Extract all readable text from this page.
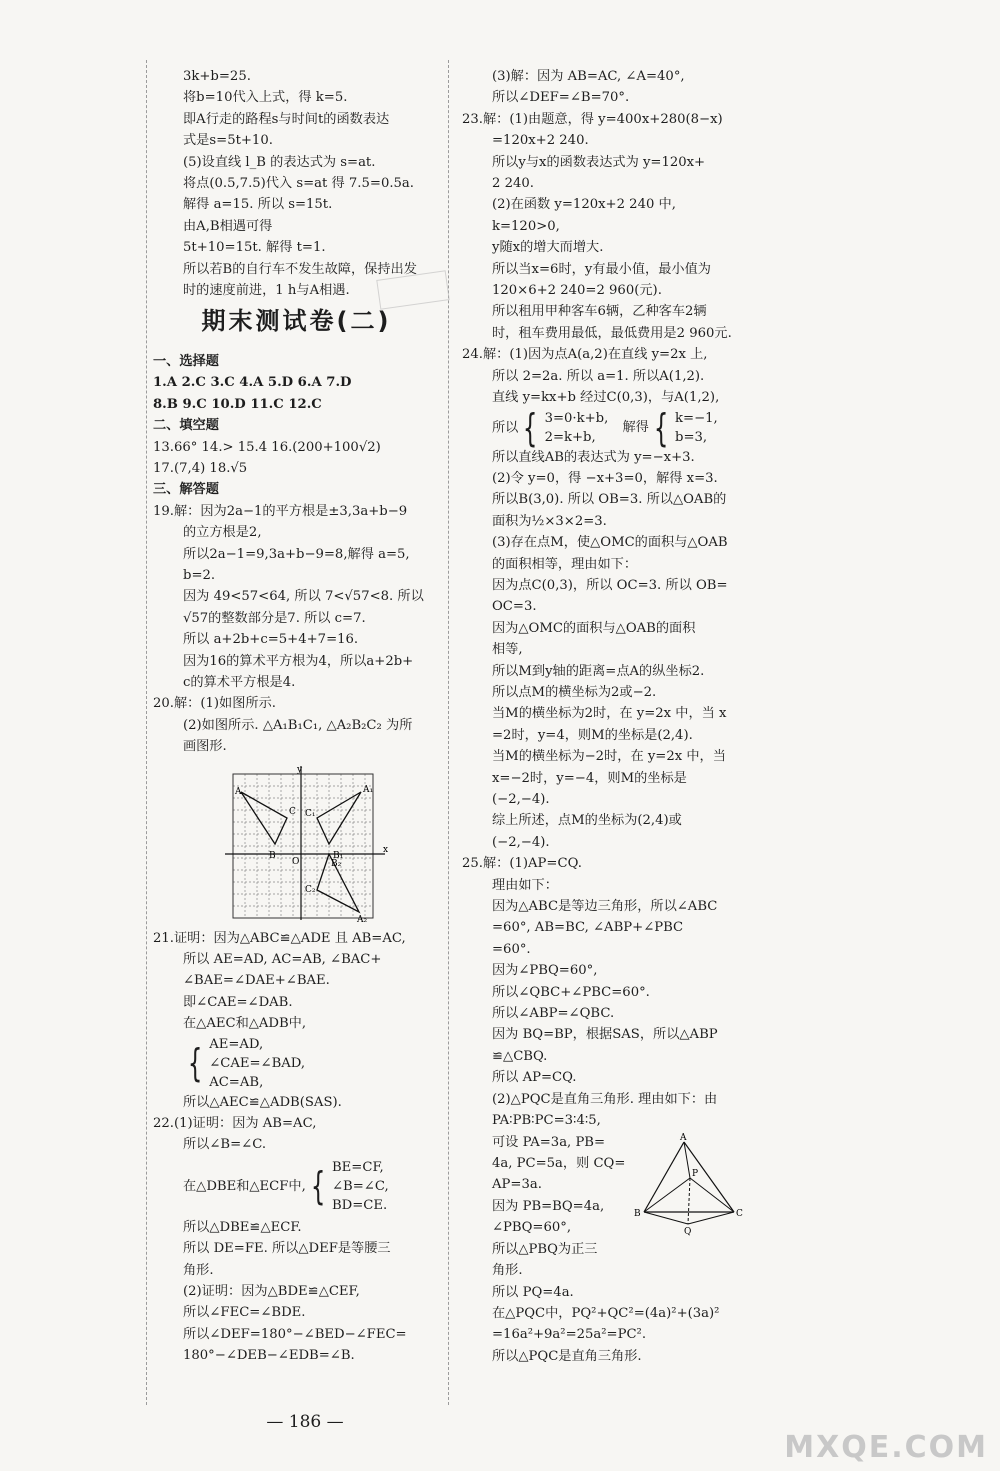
3k+b=25.
将b=10代入上式，得 k=5.
即A行走的路程s与时间t的函数表达
式是s=5t+10.
(5)设直线 l_B 的表达式为 s=at.
将点(0.5,7.5)代入 s=at 得 7.5=0.5a.
解得 a=15. 所以 s=15t.
由A,B相遇可得
5t+10=15t. 解得 t=1.
所以若B的自行车不发生故障，保持出发
时的速度前进，1 h与A相遇.
期末测试卷(二)
一、选择题
1.A 2.C 3.C 4.A 5.D 6.A 7.D
8.B 9.C 10.D 11.C 12.C
二、填空题
13.66° 14.> 15.4 16.(200+100√2)
17.(7,4) 18.√5
三、解答题
19.解：因为2a−1的平方根是±3,3a+b−9
的立方根是2,
所以2a−1=9,3a+b−9=8,解得 a=5,
b=2.
因为 49<57<64, 所以 7<√57<8. 所以
√57的整数部分是7. 所以 c=7.
所以 a+2b+c=5+4+7=16.
因为16的算术平方根为4，所以a+2b+
c的算术平方根是4.
20.解：(1)如图所示.
(2)如图所示. △A₁B₁C₁, △A₂B₂C₂ 为所
画图形.
y
x
O
A	A₁
A₂
B	B₁
B₂
C C₁
C₂
21.证明：因为△ABC≌△ADE 且 AB=AC,
所以 AE=AD, AC=AB, ∠BAC+
∠BAE=∠DAE+∠BAE.
即∠CAE=∠DAB.
在△AEC和△ADB中,
{ AE=AD,
∠CAE=∠BAD,
AC=AB,
所以△AEC≌△ADB(SAS).
22.(1)证明：因为 AB=AC,
所以∠B=∠C.
在△DBE和△ECF中, { BE=CF,
∠B=∠C,
BD=CE.
所以△DBE≌△ECF.
所以 DE=FE. 所以△DEF是等腰三
角形.
(2)证明：因为△BDE≌△CEF,
所以∠FEC=∠BDE.
所以∠DEF=180°−∠BED−∠FEC=
180°−∠DEB−∠EDB=∠B.
(3)解：因为 AB=AC, ∠A=40°,
所以∠DEF=∠B=70°.
23.解：(1)由题意，得 y=400x+280(8−x)
=120x+2 240.
所以y与x的函数表达式为 y=120x+
2 240.
(2)在函数 y=120x+2 240 中,
k=120>0,
y随x的增大而增大.
所以当x=6时，y有最小值，最小值为
120×6+2 240=2 960(元).
所以租用甲种客车6辆，乙种客车2辆
时，租车费用最低，最低费用是2 960元.
24.解：(1)因为点A(a,2)在直线 y=2x 上,
所以 2=2a. 所以 a=1. 所以A(1,2).
直线 y=kx+b 经过C(0,3)，与A(1,2),
所以 { 3=0·k+b,
2=k+b,
解得 { k=−1,
b=3,
所以直线AB的表达式为 y=−x+3.
(2)令 y=0，得 −x+3=0，解得 x=3.
所以B(3,0). 所以 OB=3. 所以△OAB的
面积为½×3×2=3.
(3)存在点M，使△OMC的面积与△OAB
的面积相等，理由如下：
因为点C(0,3)，所以 OC=3. 所以 OB=
OC=3.
因为△OMC的面积与△OAB的面积
相等,
所以M到y轴的距离=点A的纵坐标2.
所以点M的横坐标为2或−2.
当M的横坐标为2时，在 y=2x 中，当 x
=2时，y=4，则M的坐标是(2,4).
当M的横坐标为−2时，在 y=2x 中，当
x=−2时，y=−4，则M的坐标是
(−2,−4).
综上所述，点M的坐标为(2,4)或
(−2,−4).
25.解：(1)AP=CQ.
理由如下：
因为△ABC是等边三角形，所以∠ABC
=60°, AB=BC, ∠ABP+∠PBC
=60°.
因为∠PBQ=60°,
所以∠QBC+∠PBC=60°.
所以∠ABP=∠QBC.
因为 BQ=BP，根据SAS，所以△ABP
≌△CBQ.
所以 AP=CQ.
(2)△PQC是直角三角形. 理由如下：由
PA∶PB∶PC=3∶4∶5,
可设 PA=3a, PB=
4a, PC=5a，则 CQ=
AP=3a.
因为 PB=BQ=4a,
∠PBQ=60°,
所以△PBQ为正三
角形.
A
B	C
P
Q
所以 PQ=4a.
在△PQC中，PQ²+QC²=(4a)²+(3a)²
=16a²+9a²=25a²=PC².
所以△PQC是直角三角形.
— 186 —
MXQE.COM
